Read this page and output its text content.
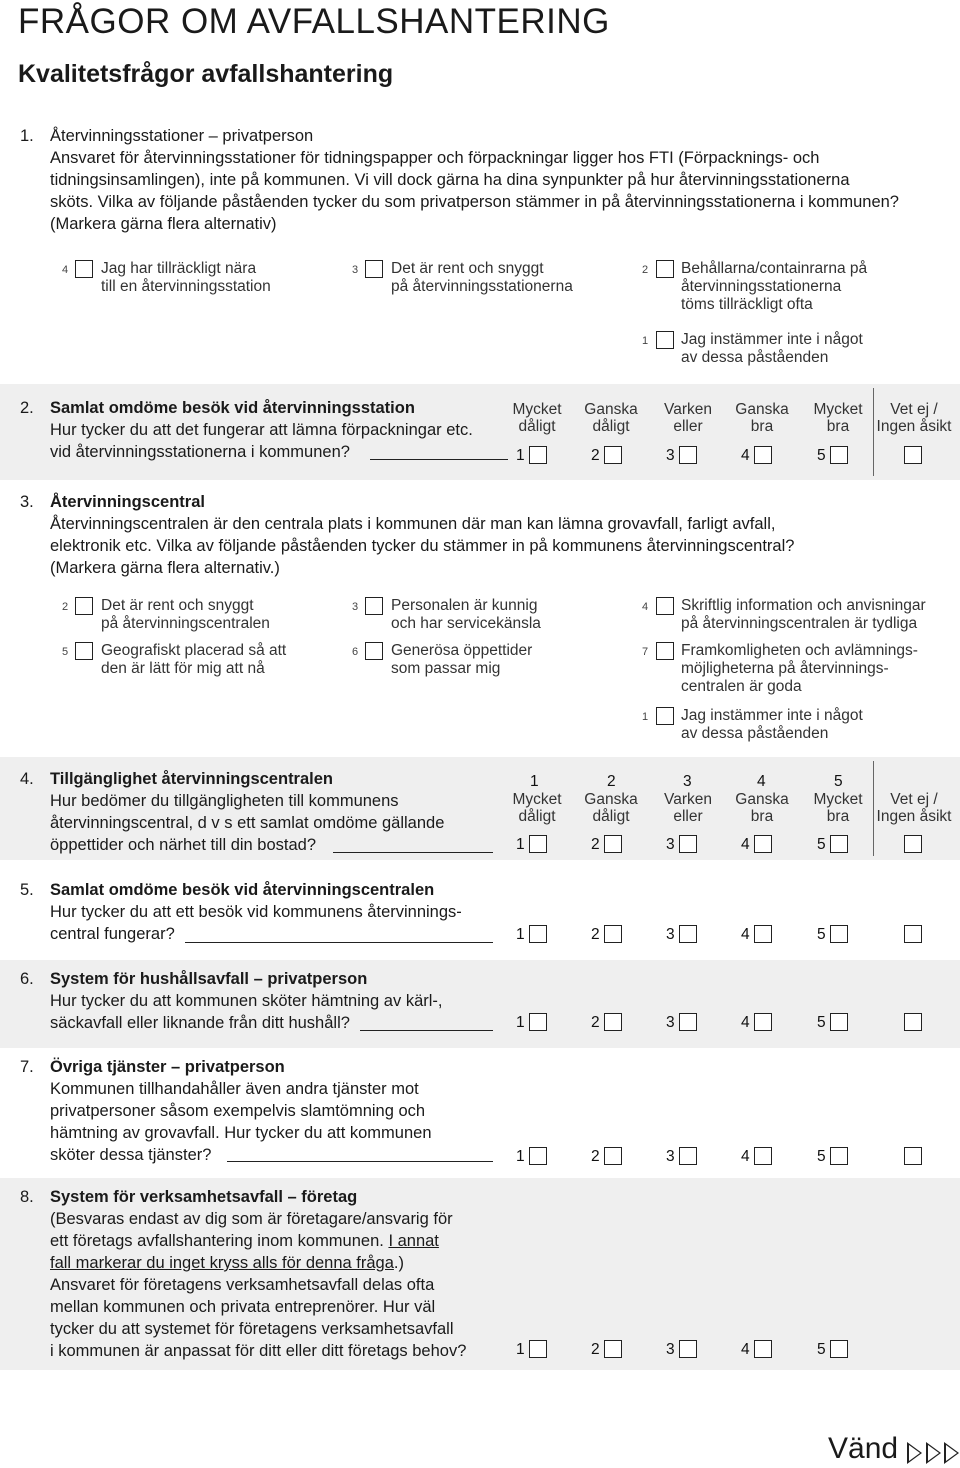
FRÅGOR OM AVFALLSHANTERING
Kvalitetsfrågor avfallshantering
1. Återvinningsstationer – privatperson
Ansvaret för återvinningsstationer för tidningspapper och förpackningar ligger hos FTI (Förpacknings- och
tidningsinsamlingen), inte på kommunen. Vi vill dock gärna ha dina synpunkter på hur återvinningsstationerna
sköts. Vilka av följande påståenden tycker du som privatperson stämmer in på återvinningsstationerna i kommunen?
(Markera gärna flera alternativ)
4 Jag har tillräckligt nära
till en återvinningsstation
3 Det är rent och snyggt
på återvinningsstationerna
2 Behållarna/containrarna på
återvinningsstationerna
töms tillräckligt ofta
1 Jag instämmer inte i något
av dessa påståenden
2. Samlat omdöme besök vid återvinningsstation
Hur tycker du att det fungerar att lämna förpackningar etc.
vid återvinningsstationerna i kommunen?
Mycket
dåligt
Ganska
dåligt
Varken
eller
Ganska
bra
Mycket
bra
Vet ej /
Ingen åsikt
1	2	3	4	5
3. Återvinningscentral
Återvinningscentralen är den centrala plats i kommunen där man kan lämna grovavfall, farligt avfall,
elektronik etc. Vilka av följande påståenden tycker du stämmer in på kommunens återvinningscentral?
(Markera gärna flera alternativ.)
2 Det är rent och snyggt
på återvinningscentralen
3 Personalen är kunnig
och har servicekänsla
4 Skriftlig information och anvisningar
på återvinningscentralen är tydliga
5 Geografiskt placerad så att
den är lätt för mig att nå
6 Generösa öppettider
som passar mig
7 Framkomligheten och avlämnings-
möjligheterna på återvinnings-
centralen är goda
1 Jag instämmer inte i något
av dessa påståenden
4. Tillgänglighet återvinningscentralen
Hur bedömer du tillgängligheten till kommunens
återvinningscentral, d v s ett samlat omdöme gällande
öppettider och närhet till din bostad?
1	2	3	4	5
Mycket
dåligt
Ganska
dåligt
Varken
eller
Ganska
bra
Mycket
bra
Vet ej /
Ingen åsikt
1	2	3	4	5
5. Samlat omdöme besök vid återvinningscentralen
Hur tycker du att ett besök vid kommunens återvinnings-
central fungerar?	1	2	3	4	5
6. System för hushållsavfall – privatperson
Hur tycker du att kommunen sköter hämtning av kärl-,
säckavfall eller liknande från ditt hushåll?	1	2	3	4	5
7. Övriga tjänster – privatperson
Kommunen tillhandahåller även andra tjänster mot
privatpersoner såsom exempelvis slamtömning och
hämtning av grovavfall. Hur tycker du att kommunen
sköter dessa tjänster?	1	2	3	4	5
8. System för verksamhetsavfall – företag
(Besvaras endast av dig som är företagare/ansvarig för
ett företags avfallshantering inom kommunen. I annat
fall markerar du inget kryss alls för denna fråga.)
Ansvaret för företagens verksamhetsavfall delas ofta
mellan kommunen och privata entreprenörer. Hur väl
tycker du att systemet för företagens verksamhetsavfall
i kommunen är anpassat för ditt eller ditt företags behov?	1	2	3	4	5
Vänd
